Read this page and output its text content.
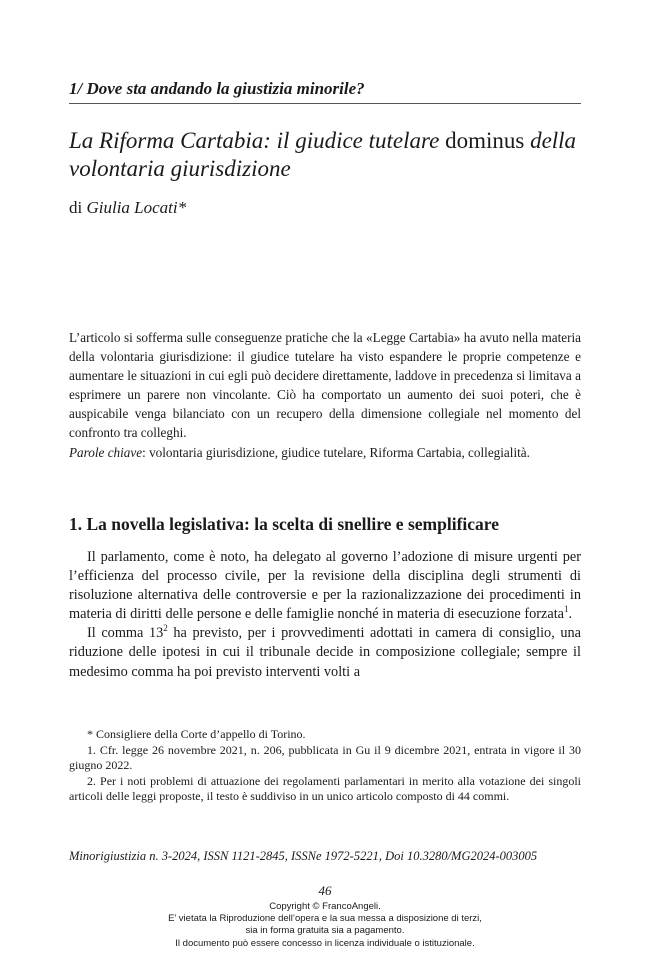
1/ Dove sta andando la giustizia minorile?
La Riforma Cartabia: il giudice tutelare dominus della volontaria giurisdizione
di Giulia Locati*
L’articolo si sofferma sulle conseguenze pratiche che la «Legge Cartabia» ha avuto nella materia della volontaria giurisdizione: il giudice tutelare ha visto espandere le proprie competenze e aumentare le situazioni in cui egli può decidere direttamente, laddove in precedenza si limitava a esprimere un parere non vincolante. Ciò ha comportato un aumento dei suoi poteri, che è auspicabile venga bilanciato con un recupero della dimensione collegiale nel momento del confronto tra colleghi.
Parole chiave: volontaria giurisdizione, giudice tutelare, Riforma Cartabia, collegialità.
1. La novella legislativa: la scelta di snellire e semplificare

Il parlamento, come è noto, ha delegato al governo l’adozione di misure urgenti per l’efficienza del processo civile, per la revisione della disciplina degli strumenti di risoluzione alternativa delle controversie e per la razionalizzazione dei procedimenti in materia di diritti delle persone e delle famiglie nonché in materia di esecuzione forzata$^1$.

Il comma $13^2$ ha previsto, per i provvedimenti adottati in camera di consiglio, una riduzione delle ipotesi in cui il tribunale decide in composizione collegiale; sempre il medesimo comma ha poi previsto interventi volti a

* Consigliere della Corte d’appello di Torino.

1. Cfr. legge 26 novembre 2021, n. 206, pubblicata in Gu il 9 dicembre 2021, entrata in vigore il 30 giugno 2022.

2. Per i noti problemi di attuazione dei regolamenti parlamentari in merito alla votazione dei singoli articoli delle leggi proposte, il testo è suddiviso in un unico articolo composto di 44 commi.

Minorigiustizia n. 3-2024, ISSN 1121-2845, ISSNe 1972-5221, Doi 10.3280/MG2024-003005
46
Copyright © FrancoAngeli.
E’ vietata la Riproduzione dell’opera e la sua messa a disposizione di terzi,
sia in forma gratuita sia a pagamento.
Il documento può essere concesso in licenza individuale o istituzionale.
